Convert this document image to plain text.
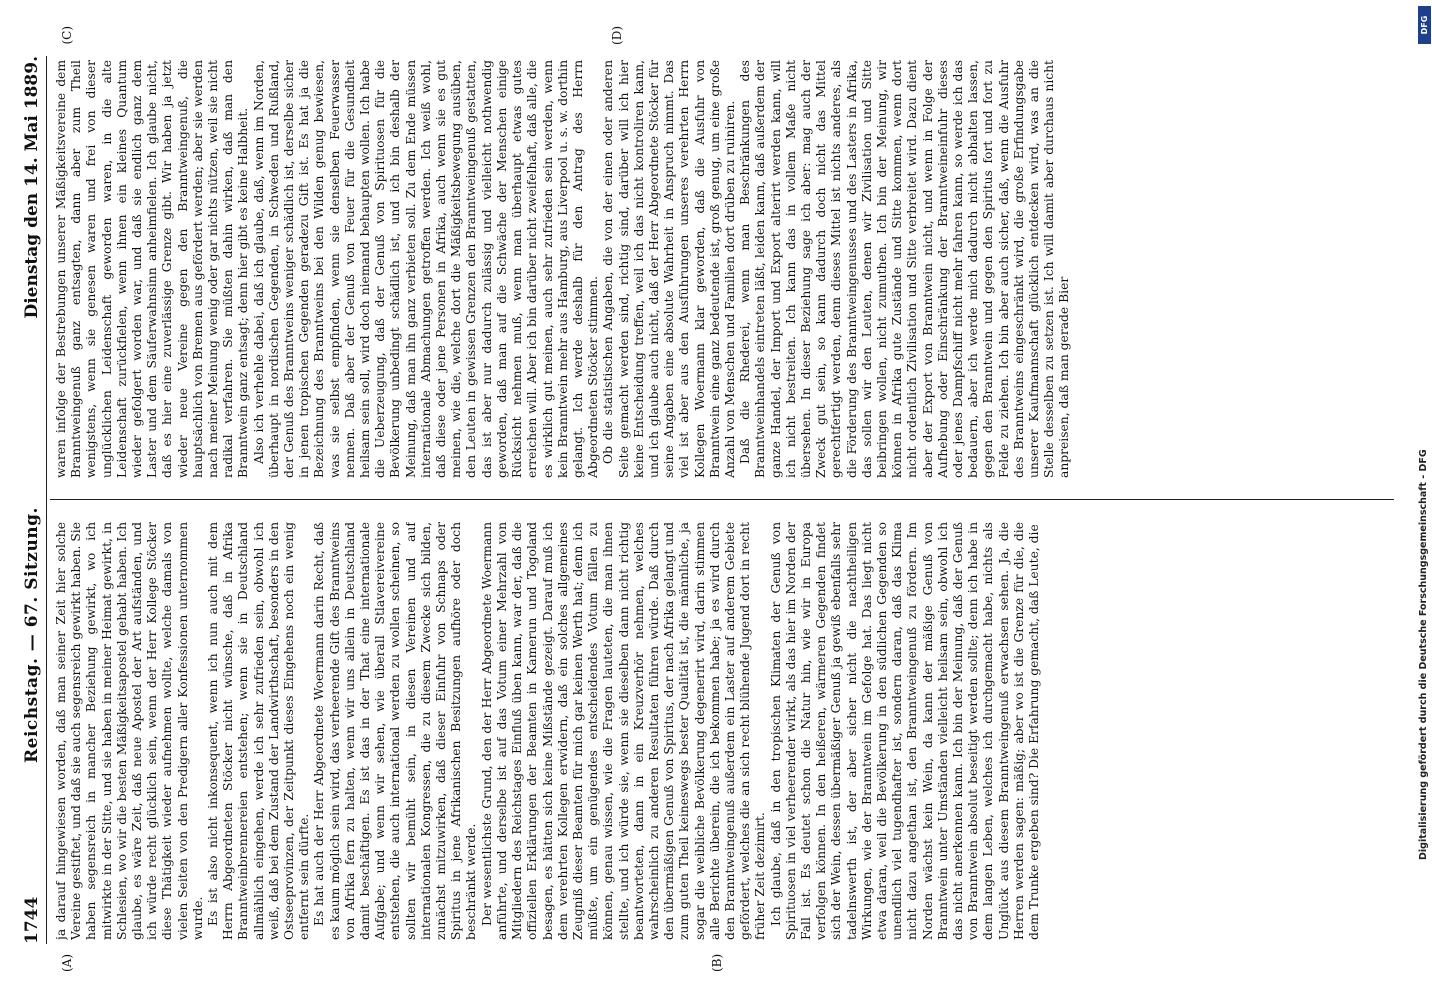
1744
Reichstag. — 67. Sitzung.
Dienstag den 14. Mai 1889.
(A)	(B)
(C)	(D)

ja darauf hingewiesen worden, daß man seiner Zeit hier solche Vereine gestiftet, und daß sie auch segensreich gewirkt haben. Sie haben segensreich in mancher Beziehung gewirkt, wo ich mitwirkte in der Sitte, und sie haben in meiner Heimat gewirkt, in Schlesien, wo wir die besten Mäßigkeitsapostel gehabt haben. Ich glaube, es wäre Zeit, daß neue Apostel der Art aufständen, und ich würde recht glücklich sein, wenn der Herr Kollege Stöcker diese Thätigkeit wieder aufnehmen wollte, welche damals von vielen Seiten von den Predigern aller Konfessionen unternommen wurde. Es ist also nicht inkonsequent, wenn ich nun auch mit dem Herrn Abgeordneten Stöcker nicht wünsche, daß in Afrika Branntweinbrennereien entstehen; wenn sie in Deutschland allmählich eingehen, werde ich sehr zufrieden sein, obwohl ich weiß, daß bei dem Zustand der Landwirthschaft, besonders in den Ostseeprovinzen, der Zeitpunkt dieses Eingehens noch ein wenig entfernt sein dürfte. Es hat auch der Herr Abgeordnete Woermann darin Recht, daß es kaum möglich sein wird, das verheerende Gift des Branntweins von Afrika fern zu halten, wenn wir uns allein in Deutschland damit beschäftigen. Es ist das in der That eine internationale Aufgabe; und wenn wir sehen, wie überall Stlavereivereine entstehen, die auch international werden zu wollen scheinen, so sollten wir bemüht sein, in diesen Vereinen und auf internationalen Kongressen, die zu diesem Zwecke sich bilden, zunächst mitzuwirken, daß dieser Einfuhr von Schnaps oder Spiritus in jene Afrikanischen Besitzungen aufhöre oder doch beschränkt werde. Der wesentlichste Grund, den der Herr Abgeordnete Woermann anführte, und derselbe ist auf das Votum einer Mehrzahl von Mitgliedern des Reichstages Einfluß üben kann, war der, daß die offiziellen Erklärungen der Beamten in Kamerun und Togoland besagen, es hätten sich keine Mißstände gezeigt. Darauf muß ich dem verehrten Kollegen erwidern, daß ein solches allgemeines Zeugniß dieser Beamten für mich gar keinen Werth hat; denn ich müßte, um ein genügendes entscheidendes Votum fällen zu können, genau wissen, wie die Fragen lauteten, die man ihnen stellte, und ich würde sie, wenn sie dieselben dann nicht richtig beantworteten, dann in ein Kreuzverhör nehmen, welches wahrscheinlich zu anderen Resultaten führen würde. Daß durch den übermäßigen Genuß von Spiritus, der nach Afrika gelangt und zum guten Theil keineswegs bester Qualität ist, die männliche, ja sogar die weibliche Bevölkerung degenerirt wird, darin stimmen alle Berichte überein, die ich bekommen habe; ja es wird durch den Branntweingenuß außerdem ein Laster auf anderem Gebiete gefördert, welches die an sich recht blühende Jugend dort in recht früher Zeit dezimirt. Ich glaube, daß in den tropischen Klimaten der Genuß von Spirituosen in viel verheerender wirkt, als das hier im Norden der Fall ist. Es deutet schon die Natur hin, wie wir in Europa verfolgen können. In den heißeren, wärmeren Gegenden findet sich der Wein, dessen übermäßiger Genuß ja gewiß ebenfalls sehr tadelnswerth ist, der aber sicher nicht die nachtheiligen Wirkungen, wie der Branntwein im Gefolge hat. Das liegt nicht etwa daran, weil die Bevölkerung in den südlichen Gegenden so unendlich viel tugendhafter ist, sondern daran, daß das Klima nicht dazu angethan ist, den Branntweingenuß zu fördern. Im Norden wächst kein Wein, da kann der mäßige Genuß von Branntwein unter Umständen vielleicht heilsam sein, obwohl ich das nicht anerkennen kann. Ich bin der Meinung, daß der Genuß von Branntwein absolut beseitigt werden sollte; denn ich habe in dem langen Leben, welches ich durchgemacht habe, nichts als Unglück aus diesem Branntweingenuß erwachsen sehen. Ja, die Herren werden sagen: mäßig; aber wo ist die Grenze für die, die dem Trunke ergeben sind? Die Erfahrung gemacht, daß Leute, die

waren infolge der Bestrebungen unserer Mäßigkeitsvereine dem Branntweingenuß ganz entsagten, dann aber zum Theil wenigstens, wenn sie genesen waren und frei von dieser unglücklichen Leidenschaft geworden waren, in die alte Leidenschaft zurückfielen, wenn ihnen ein kleines Quantum wieder gefolgert worden war, und daß sie endlich ganz dem Laster und dem Säuferwahnsinn anheimfielen. Ich glaube nicht, daß es hier eine zuverlässige Grenze gibt. Wir haben ja jetzt wieder neue Vereine gegen den Branntweingenuß, die hauptsächlich von Bremen aus gefördert werden; aber sie werden nach meiner Meinung wenig oder gar nichts nützen, weil sie nicht radikal verfahren. Sie müßten dahin wirken, daß man den Branntwein ganz entsagt; denn hier gibt es keine Halbheit. Also ich verhehle dabei, daß ich glaube, daß, wenn im Norden, überhaupt in nordischen Gegenden, in Schweden und Rußland, der Genuß des Branntweins weniger schädlich ist, derselbe sicher in jenen tropischen Gegenden geradezu Gift ist. Es hat ja die Bezeichnung des Branntweins bei den Wilden genug bewiesen, was sie selbst empfinden, wenn sie denselben Feuerwasser nennen. Daß aber der Genuß von Feuer für die Gesundheit heilsam sein soll, wird doch niemand behaupten wollen. Ich habe die Ueberzeugung, daß der Genuß von Spirituosen für die Bevölkerung unbedingt schädlich ist, und ich bin deshalb der Meinung, daß man ihn ganz verbieten soll. Zu dem Ende müssen internationale Abmachungen getroffen werden. Ich weiß wohl, daß diese oder jene Personen in Afrika, auch wenn sie es gut meinen, wie die, welche dort die Mäßigkeitsbewegung ausüben, den Leuten in gewissen Grenzen den Branntweingenuß gestatten, das ist aber nur dadurch zulässig und vielleicht nothwendig geworden, daß man auf die Schwäche der Menschen einige Rücksicht nehmen muß, wenn man überhaupt etwas gutes erreichen will. Aber ich bin darüber nicht zweifelhaft, daß alle, die es wirklich gut meinen, auch sehr zufrieden sein werden, wenn kein Branntwein mehr aus Hamburg, aus Liverpool u. s. w. dorthin gelangt. Ich werde deshalb für den Antrag des Herrn Abgeordneten Stöcker stimmen. Ob die statistischen Angaben, die von der einen oder anderen Seite gemacht werden sind, richtig sind, darüber will ich hier keine Entscheidung treffen, weil ich das nicht kontroliren kann, und ich glaube auch nicht, daß der Herr Abgeordnete Stöcker für seine Angaben eine absolute Wahrheit in Anspruch nimmt. Das viel ist aber aus den Ausführungen unseres verehrten Herrn Kollegen Woermann klar geworden, daß die Ausfuhr von Branntwein eine ganz bedeutende ist, groß genug, um eine große Anzahl von Menschen und Familien dort drüben zu ruiniren. Daß die Rhederei, wenn man Beschränkungen des Branntweinhandels eintreten läßt, leiden kann, daß außerdem der ganze Handel, der Import und Export alterirt werden kann, will ich nicht bestreiten. Ich kann das in vollem Maße nicht übersehen. In dieser Beziehung sage ich aber: mag auch der Zweck gut sein, so kann dadurch doch nicht das Mittel gerechtfertigt werden, denn dieses Mittel ist nichts anderes, als die Förderung des Branntweingenusses und des Lasters in Afrika, das sollen wir den Leuten, denen wir Zivilisation und Sitte beibringen wollen, nicht zumuthen. Ich bin der Meinung, wir können in Afrika gute Zustände und Sitte kommen, wenn dort nicht ordentlich Zivilisation und Sitte verbreitet wird. Dazu dient aber der Export von Branntwein nicht, und wenn in Folge der Aufhebung oder Einschränkung der Branntweineinfuhr dieses oder jenes Dampfschiff nicht mehr fahren kann, so werde ich das bedauern, aber ich werde mich dadurch nicht abhalten lassen, gegen den Branntwein und gegen den Spiritus fort und fort zu Felde zu ziehen. Ich bin aber auch sicher, daß, wenn die Ausfuhr des Branntweins eingeschränkt wird, die große Erfindungsgabe unserer Kaufmannschaft glücklich entdecken wird, was an die Stelle desselben zu setzen ist. Ich will damit aber durchaus nicht anpreisen, daß man gerade Bier

DFG
Digitalisierung gefördert durch die Deutsche Forschungsgemeinschaft - DFG
